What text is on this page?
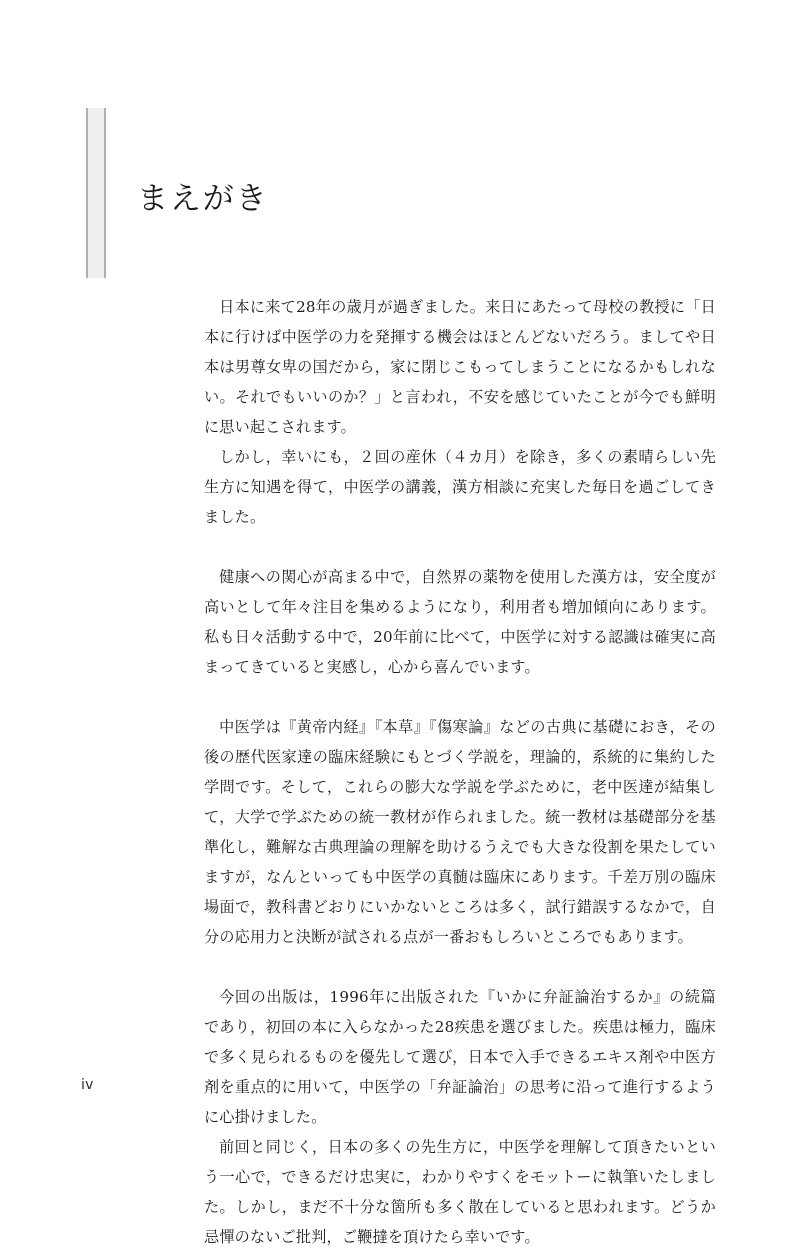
まえがき

日本に来て28年の歳月が過ぎました。来日にあたって母校の教授に「日本に行けば中医学の力を発揮する機会はほとんどないだろう。ましてや日本は男尊女卑の国だから，家に閉じこもってしまうことになるかもしれない。それでもいいのか？」と言われ，不安を感じていたことが今でも鮮明に思い起こされます。

しかし，幸いにも，２回の産休（４カ月）を除き，多くの素晴らしい先生方に知遇を得て，中医学の講義，漢方相談に充実した毎日を過ごしてきました。

健康への関心が高まる中で，自然界の薬物を使用した漢方は，安全度が高いとして年々注目を集めるようになり，利用者も増加傾向にあります。私も日々活動する中で，20年前に比べて，中医学に対する認識は確実に高まってきていると実感し，心から喜んでいます。

中医学は『黄帝内経』『本草』『傷寒論』などの古典に基礎におき，その後の歴代医家達の臨床経験にもとづく学説を，理論的，系統的に集約した学問です。そして，これらの膨大な学説を学ぶために，老中医達が結集して，大学で学ぶための統一教材が作られました。統一教材は基礎部分を基準化し，難解な古典理論の理解を助けるうえでも大きな役割を果たしていますが，なんといっても中医学の真髄は臨床にあります。千差万別の臨床場面で，教科書どおりにいかないところは多く，試行錯誤するなかで，自分の応用力と決断が試される点が一番おもしろいところでもあります。

今回の出版は，1996年に出版された『いかに弁証論治するか』の続篇であり，初回の本に入らなかった28疾患を選びました。疾患は極力，臨床で多く見られるものを優先して選び，日本で入手できるエキス剤や中医方剤を重点的に用いて，中医学の「弁証論治」の思考に沿って進行するように心掛けました。

前回と同じく，日本の多くの先生方に，中医学を理解して頂きたいという一心で，できるだけ忠実に，わかりやすくをモットーに執筆いたしました。しかし，まだ不十分な箇所も多く散在していると思われます。どうか忌憚のないご批判，ご鞭撻を頂けたら幸いです。

iv
